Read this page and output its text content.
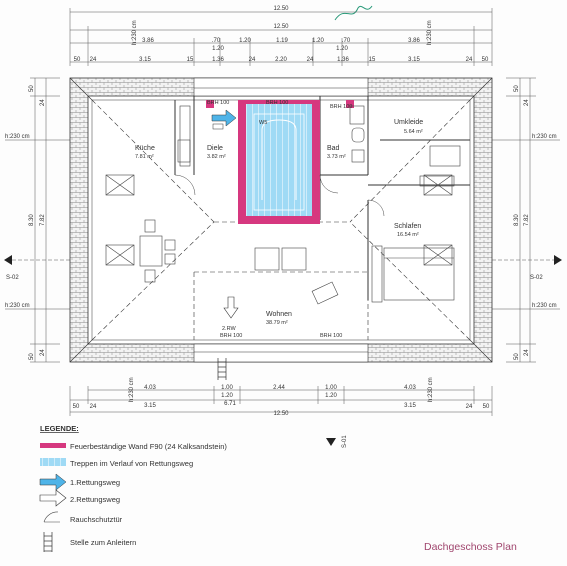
12.50
12.50
3.86	.70	1.20	1.19	1.20	.70	3.86
1.20	1.20
3.15	1.36	2.20	1.36	3.15
50 24	15	24	24	15	24 50
h:230 cm	h:230 cm
50
24
8.30 7.82
24
50
50
24
8.30 7.82
24
50
h:230 cm
h:230 cm
h:230 cm
h:230 cm
S-02	S-02
S-01
BRH 100	BRH 100
BRH 100
BRH 100	BRH 100
2.RW
W5
Küche
7.81 m²
Diele
3.82 m²
Bad
3.73 m²
Umkleide
5.64 m²
Schlafen
16.54 m²
Wohnen
38.79 m²
4.03	1.00	2.44	1.00	4.03
1.20	1.20
3.15	6.71	3.15
12.50
50 24	24 50
h:230 cm	h:230 cm
LEGENDE:
Feuerbeständige Wand F90 (24 Kalksandstein)
Treppen im Verlauf von Rettungsweg
1.Rettungsweg
2.Rettungsweg
Rauchschutztür
Stelle zum Anleitern	Dachgeschoss Plan
